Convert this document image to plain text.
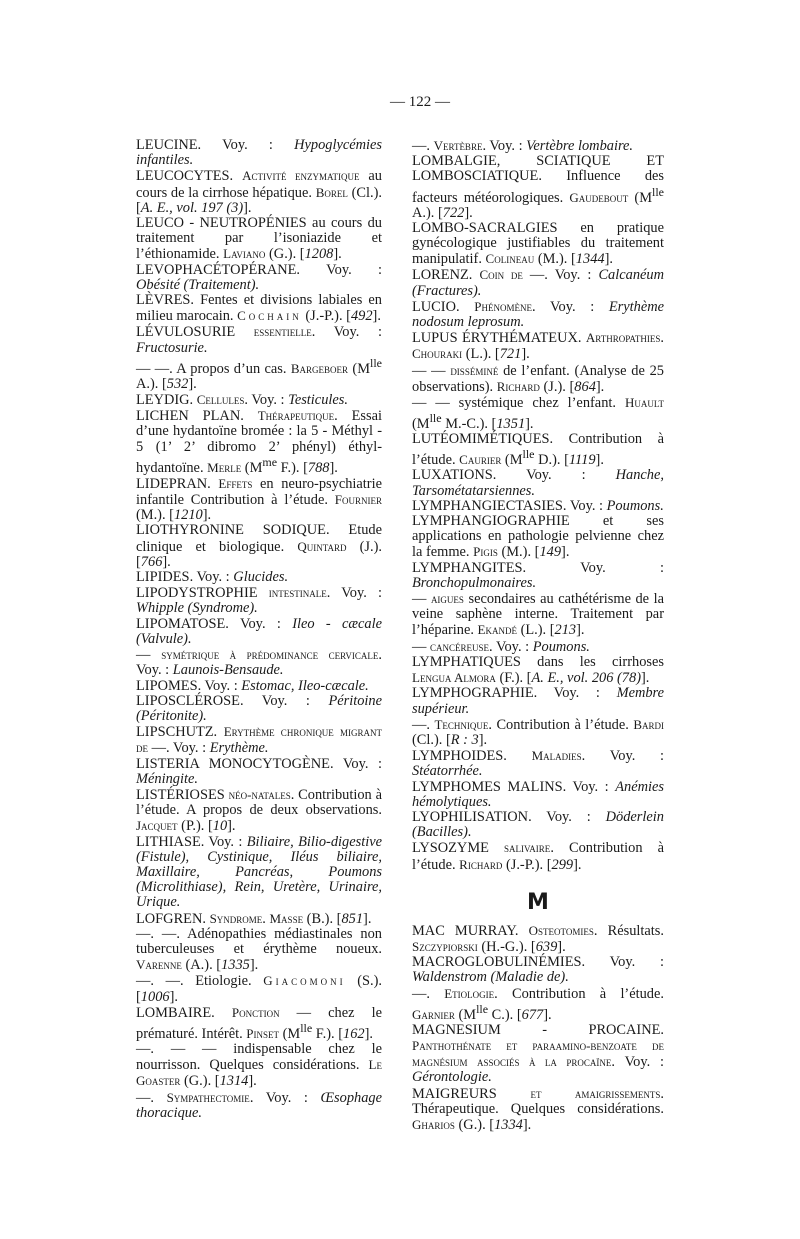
— 122 —

LEUCINE. Voy. : Hypoglycémies infantiles.

LEUCOCYTES. Activité enzymatique au cours de la cirrhose hépatique. Borel (Cl.). [A. E., vol. 197 (3)].

LEUCO - NEUTROPÉNIES au cours du traitement par l’isoniazide et l’éthionamide. Laviano (G.). [1208].

LEVOPHACÉTOPÉRANE. Voy. : Obésité (Traitement).

LÈVRES. Fentes et divisions labiales en milieu marocain. Cochain (J.-P.). [492].

LÉVULOSURIE essentielle. Voy. : Fructosurie.

— —. A propos d’un cas. Bargeboer ($M^{lle}$ A.). [532].

LEYDIG. Cellules. Voy. : Testicules.

LICHEN PLAN. Thérapeutique. Essai d’une hydantoïne bromée : la 5 - Méthyl - 5 (1’ 2’ dibromo 2’ phényl) éthyl-hydantoïne. Merle ($M^{me}$ F.). [788].

LIDEPRAN. Effets en neuro-psychiatrie infantile Contribution à l’étude. Fournier (M.). [1210].

LIOTHYRONINE SODIQUE. Etude clinique et biologique. Quintard (J.). [766].

LIPIDES. Voy. : Glucides.

LIPODYSTROPHIE intestinale. Voy. : Whipple (Syndrome).

LIPOMATOSE. Voy. : Ileo - cæcale (Valvule).

— symétrique à prédominance cervicale. Voy. : Launois-Bensaude.

LIPOMES. Voy. : Estomac, Ileo-cæcale.

LIPOSCLÉROSE. Voy. : Péritoine (Péritonite).

LIPSCHUTZ. Erythème chronique migrant de —. Voy. : Erythème.

LISTERIA MONOCYTOGÈNE. Voy. : Méningite.

LISTÉRIOSES néo-natales. Contribution à l’étude. A propos de deux observations. Jacquet (P.). [10].

LITHIASE. Voy. : Biliaire, Bilio-digestive (Fistule), Cystinique, Iléus biliaire, Maxillaire, Pancréas, Poumons (Microlithiase), Rein, Uretère, Urinaire, Urique.

LOFGREN. Syndrome. Masse (B.). [851].

—. —. Adénopathies médiastinales non tuberculeuses et érythème noueux. Varenne (A.). [1335].

—. —. Etiologie. Giacomoni (S.). [1006].

LOMBAIRE. Ponction — chez le prématuré. Intérêt. Pinset ($M^{lle}$ F.). [162].

—. — — indispensable chez le nourrisson. Quelques considérations. Le Goaster (G.). [1314].

—. Sympathectomie. Voy. : Œsophage thoracique.

—. Vertèbre. Voy. : Vertèbre lombaire.

LOMBALGIE, SCIATIQUE ET LOMBOSCIATIQUE. Influence des facteurs météorologiques. Gaudebout ($M^{lle}$ A.). [722].

LOMBO-SACRALGIES en pratique gynécologique justifiables du traitement manipulatif. Colineau (M.). [1344].

LORENZ. Coin de —. Voy. : Calcanéum (Fractures).

LUCIO. Phénomène. Voy. : Erythème nodosum leprosum.

LUPUS ÉRYTHÉMATEUX. Arthropathies. Chouraki (L.). [721].

— — disséminé de l’enfant. (Analyse de 25 observations). Richard (J.). [864].

— — systémique chez l’enfant. Huault ($M^{lle}$ M.-C.). [1351].

LUTÉOMIMÉTIQUES. Contribution à l’étude. Caurier ($M^{lle}$ D.). [1119].

LUXATIONS. Voy. : Hanche, Tarsométatarsiennes.

LYMPHANGIECTASIES. Voy. : Poumons.

LYMPHANGIOGRAPHIE et ses applications en pathologie pelvienne chez la femme. Pigis (M.). [149].

LYMPHANGITES. Voy. : Bronchopulmonaires.

— aigues secondaires au cathétérisme de la veine saphène interne. Traitement par l’héparine. Ekandé (L.). [213].

— cancéreuse. Voy. : Poumons.

LYMPHATIQUES dans les cirrhoses Lengua Almora (F.). [A. E., vol. 206 (78)].

LYMPHOGRAPHIE. Voy. : Membre supérieur.

—. Technique. Contribution à l’étude. Bardi (Cl.). [R : 3].

LYMPHOIDES. Maladies. Voy. : Stéatorrhée.

LYMPHOMES MALINS. Voy. : Anémies hémolytiques.

LYOPHILISATION. Voy. : Döderlein (Bacilles).

LYSOZYME salivaire. Contribution à l’étude. Richard (J.-P.). [299].

M

MAC MURRAY. Osteotomies. Résultats. Szczypiorski (H.-G.). [639].

MACROGLOBULINÉMIES. Voy. : Waldenstrom (Maladie de).

—. Etiologie. Contribution à l’étude. Garnier ($M^{lle}$ C.). [677].

MAGNESIUM - PROCAINE. Panthothénate et paraamino-benzoate de magnésium associés à la procaïne. Voy. : Gérontologie.

MAIGREURS et amaigrissements. Thérapeutique. Quelques considérations. Gharios (G.). [1334].
